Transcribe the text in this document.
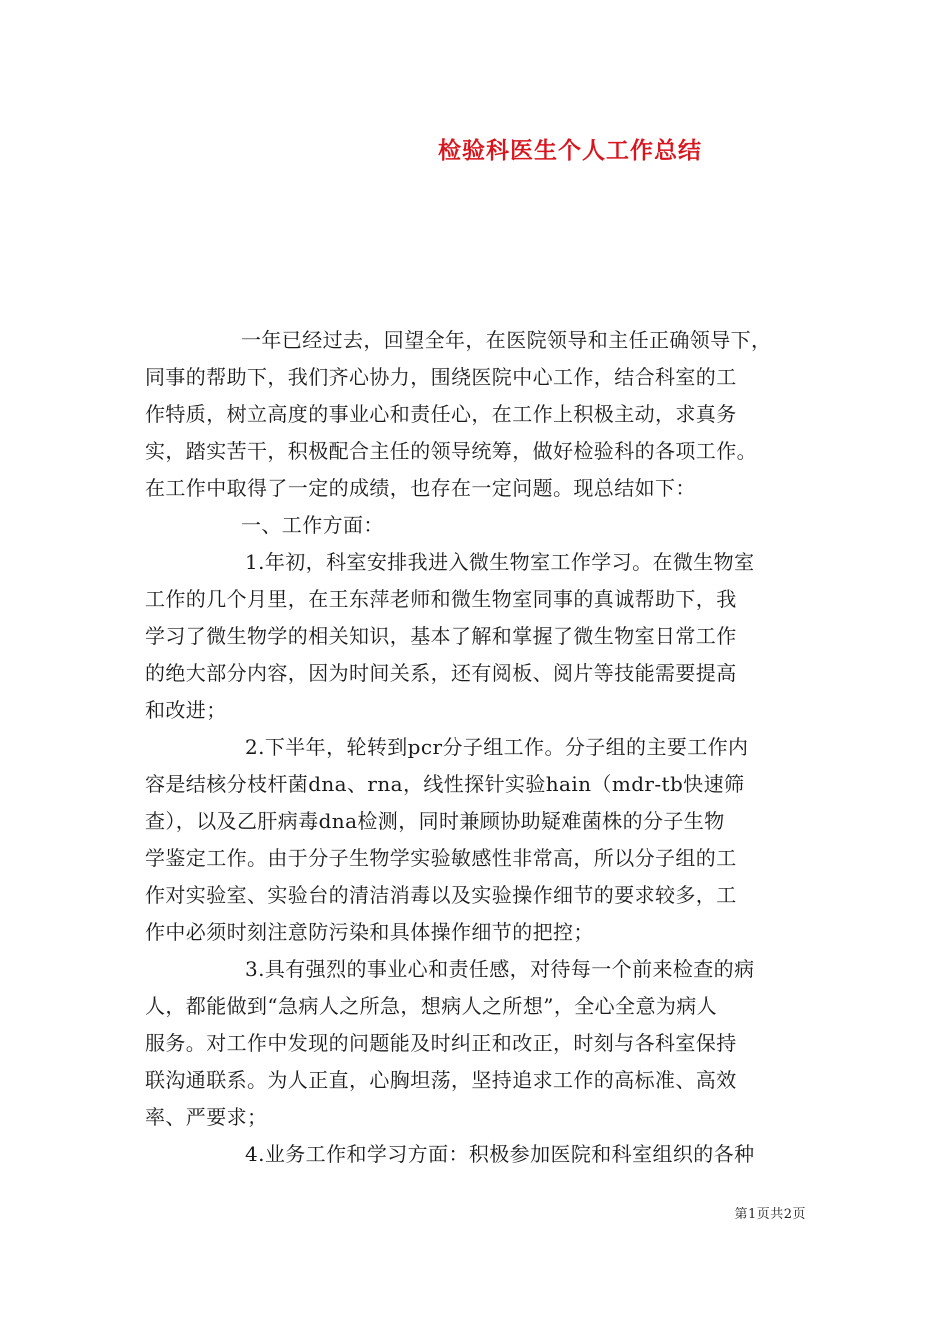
检验科医生个人工作总结
一年已经过去，回望全年，在医院领导和主任正确领导下，
同事的帮助下，我们齐心协力，围绕医院中心工作，结合科室的工
作特质，树立高度的事业心和责任心，在工作上积极主动，求真务
实，踏实苦干，积极配合主任的领导统筹，做好检验科的各项工作。
在工作中取得了一定的成绩，也存在一定问题。现总结如下：
一、工作方面：
1.年初，科室安排我进入微生物室工作学习。在微生物室
工作的几个月里，在王东萍老师和微生物室同事的真诚帮助下，我
学习了微生物学的相关知识，基本了解和掌握了微生物室日常工作
的绝大部分内容，因为时间关系，还有阅板、阅片等技能需要提高
和改进；
2.下半年，轮转到pcr分子组工作。分子组的主要工作内
容是结核分枝杆菌dna、rna，线性探针实验hain（mdr-tb快速筛
查），以及乙肝病毒dna检测，同时兼顾协助疑难菌株的分子生物
学鉴定工作。由于分子生物学实验敏感性非常高，所以分子组的工
作对实验室、实验台的清洁消毒以及实验操作细节的要求较多，工
作中必须时刻注意防污染和具体操作细节的把控；
3.具有强烈的事业心和责任感，对待每一个前来检查的病
人，都能做到“急病人之所急，想病人之所想”，全心全意为病人
服务。对工作中发现的问题能及时纠正和改正，时刻与各科室保持
联沟通联系。为人正直，心胸坦荡，坚持追求工作的高标准、高效
率、严要求；
4.业务工作和学习方面：积极参加医院和科室组织的各种
第1页共2页
